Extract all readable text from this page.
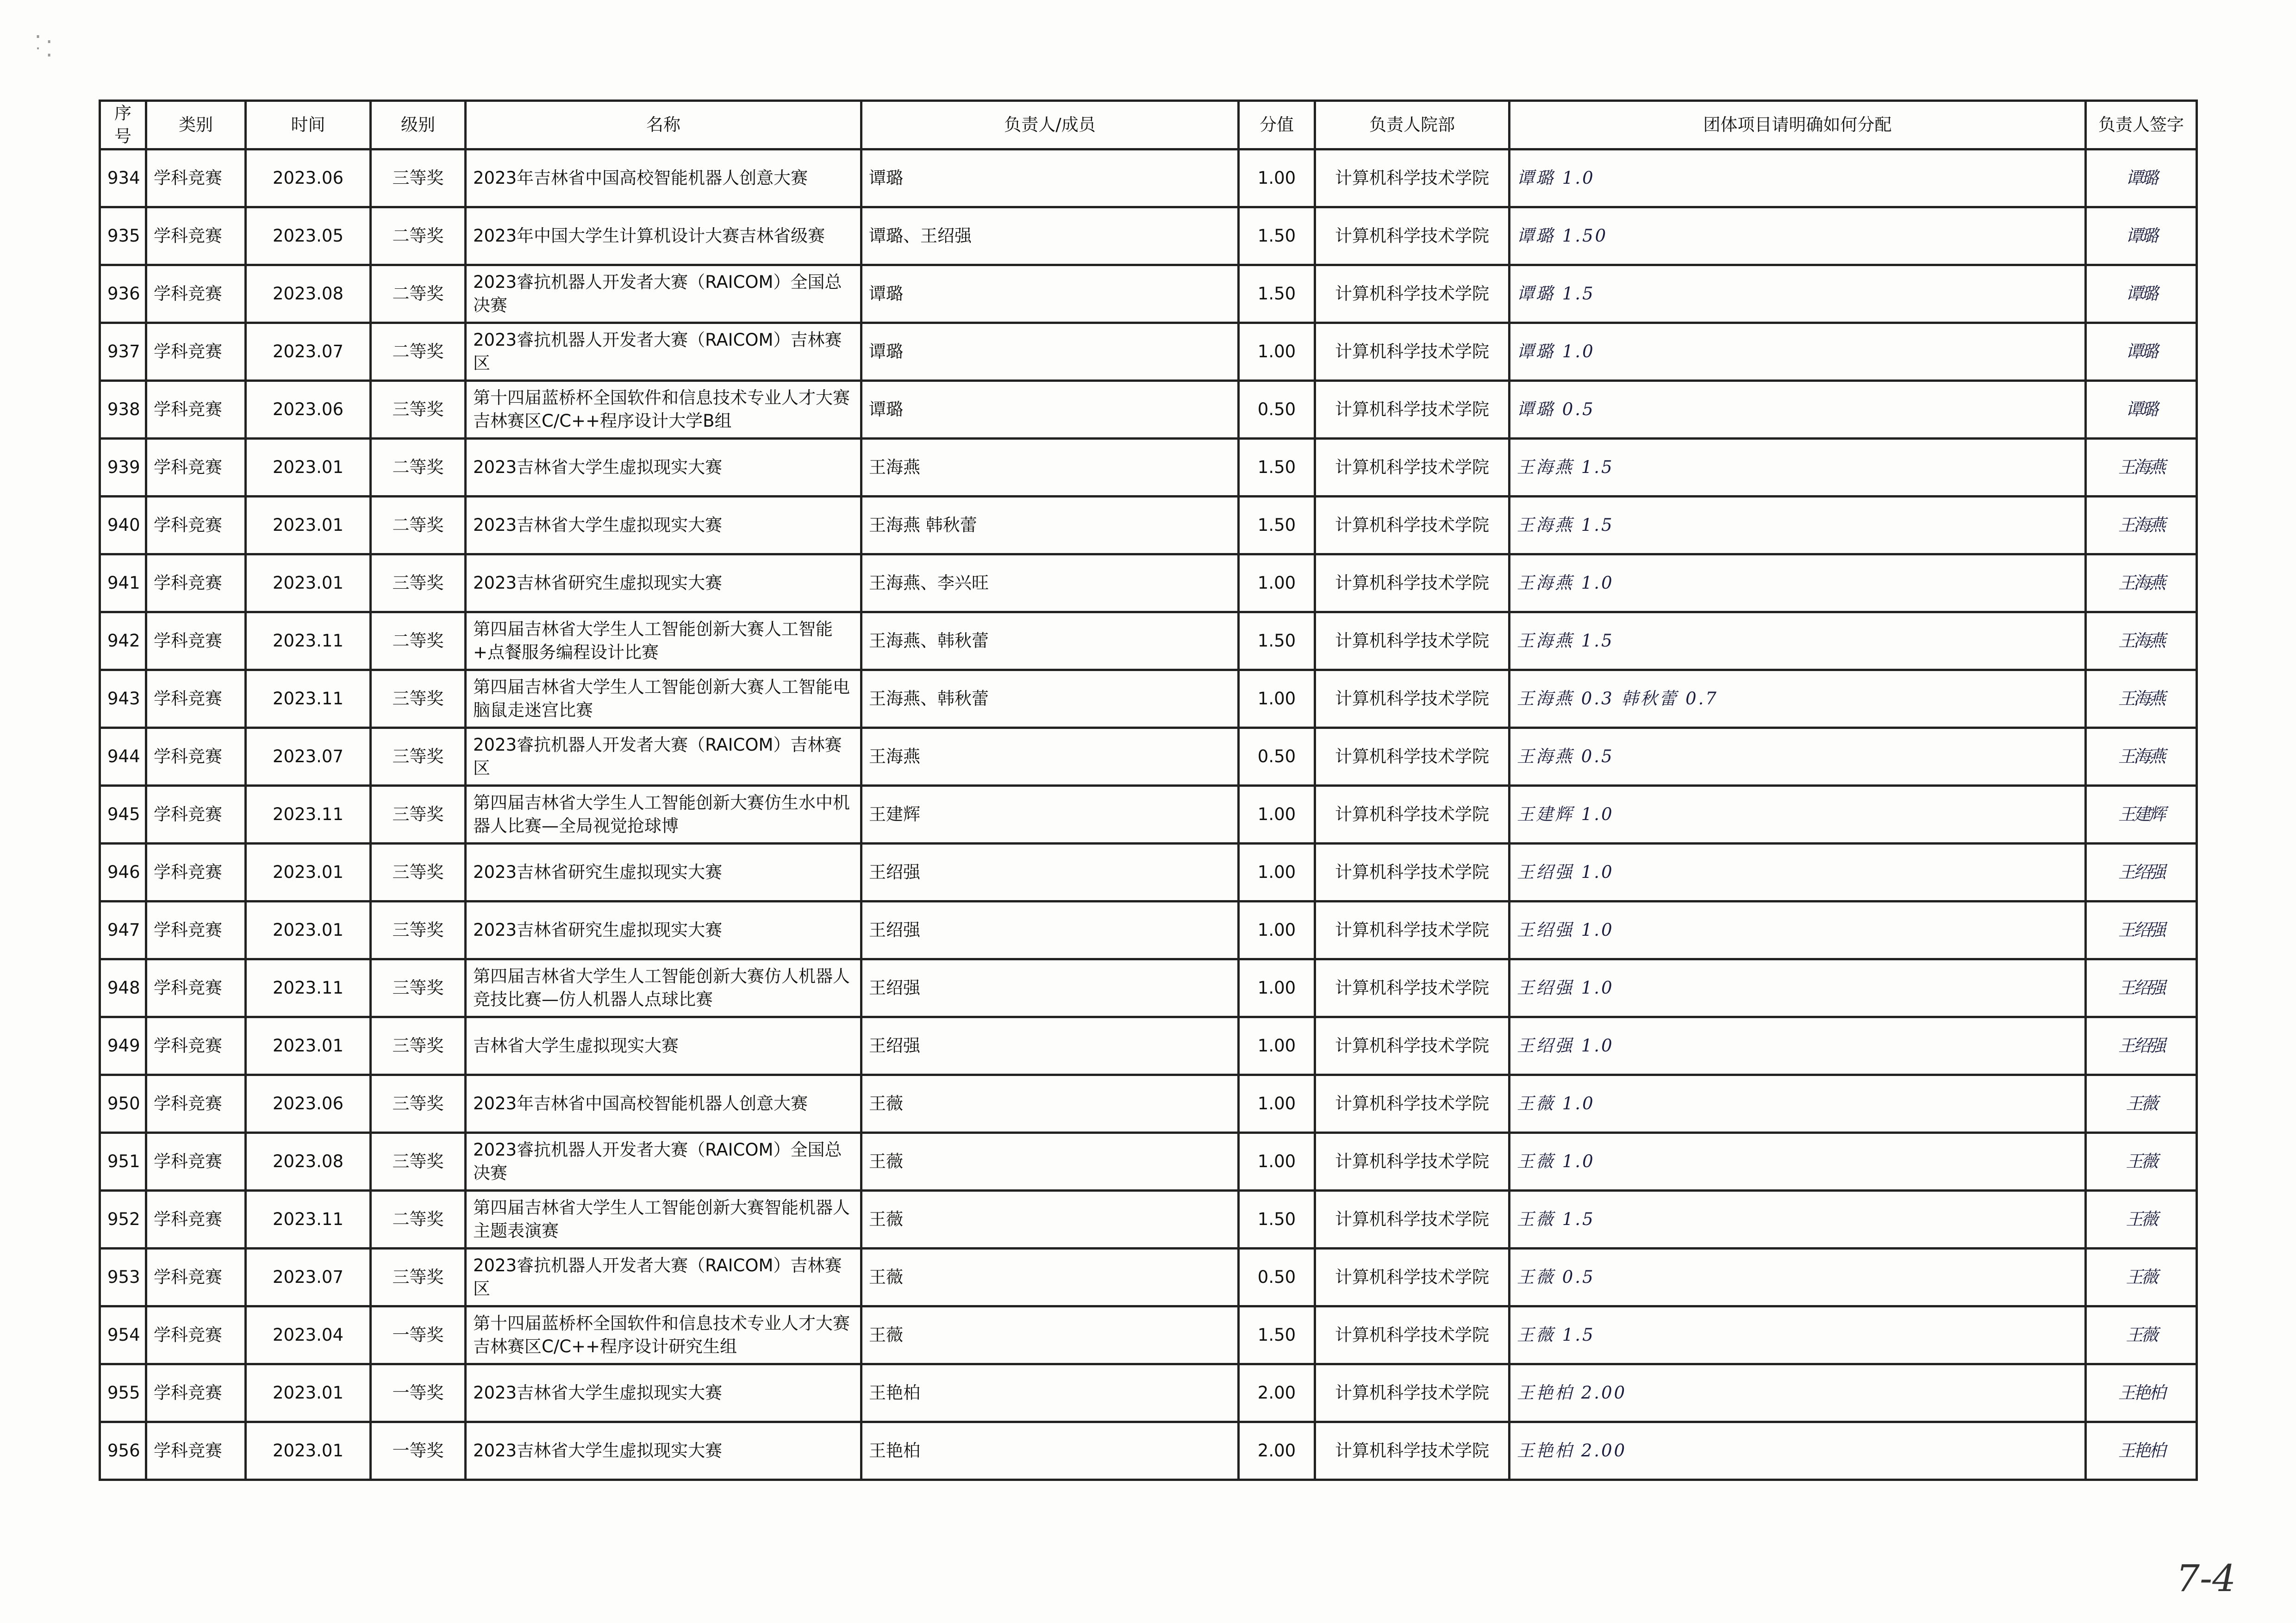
·.
˙·
序号	类别	时间	级别	名称	负责人/成员	分值	负责人院部	团体项目请明确如何分配	负责人签字
934	学科竞赛	2023.06	三等奖	2023年吉林省中国高校智能机器人创意大赛	谭璐	1.00	计算机科学技术学院	谭璐 1.0	谭璐
935	学科竞赛	2023.05	二等奖	2023年中国大学生计算机设计大赛吉林省级赛	谭璐、王绍强	1.50	计算机科学技术学院	谭璐 1.50	谭璐
936	学科竞赛	2023.08	二等奖	2023睿抗机器人开发者大赛（RAICOM）全国总决赛	谭璐	1.50	计算机科学技术学院	谭璐 1.5	谭璐
937	学科竞赛	2023.07	二等奖	2023睿抗机器人开发者大赛（RAICOM）吉林赛区	谭璐	1.00	计算机科学技术学院	谭璐 1.0	谭璐
938	学科竞赛	2023.06	三等奖	第十四届蓝桥杯全国软件和信息技术专业人才大赛吉林赛区C/C++程序设计大学B组	谭璐	0.50	计算机科学技术学院	谭璐 0.5	谭璐
939	学科竞赛	2023.01	二等奖	2023吉林省大学生虚拟现实大赛	王海燕	1.50	计算机科学技术学院	王海燕 1.5	王海燕
940	学科竞赛	2023.01	二等奖	2023吉林省大学生虚拟现实大赛	王海燕 韩秋蕾	1.50	计算机科学技术学院	王海燕 1.5	王海燕
941	学科竞赛	2023.01	三等奖	2023吉林省研究生虚拟现实大赛	王海燕、李兴旺	1.00	计算机科学技术学院	王海燕 1.0	王海燕
942	学科竞赛	2023.11	二等奖	第四届吉林省大学生人工智能创新大赛人工智能+点餐服务编程设计比赛	王海燕、韩秋蕾	1.50	计算机科学技术学院	王海燕 1.5	王海燕
943	学科竞赛	2023.11	三等奖	第四届吉林省大学生人工智能创新大赛人工智能电脑鼠走迷宫比赛	王海燕、韩秋蕾	1.00	计算机科学技术学院	王海燕 0.3 韩秋蕾 0.7	王海燕
944	学科竞赛	2023.07	三等奖	2023睿抗机器人开发者大赛（RAICOM）吉林赛区	王海燕	0.50	计算机科学技术学院	王海燕 0.5	王海燕
945	学科竞赛	2023.11	三等奖	第四届吉林省大学生人工智能创新大赛仿生水中机器人比赛—全局视觉抢球博	王建辉	1.00	计算机科学技术学院	王建辉 1.0	王建辉
946	学科竞赛	2023.01	三等奖	2023吉林省研究生虚拟现实大赛	王绍强	1.00	计算机科学技术学院	王绍强 1.0	王绍强
947	学科竞赛	2023.01	三等奖	2023吉林省研究生虚拟现实大赛	王绍强	1.00	计算机科学技术学院	王绍强 1.0	王绍强
948	学科竞赛	2023.11	三等奖	第四届吉林省大学生人工智能创新大赛仿人机器人竞技比赛—仿人机器人点球比赛	王绍强	1.00	计算机科学技术学院	王绍强 1.0	王绍强
949	学科竞赛	2023.01	三等奖	吉林省大学生虚拟现实大赛	王绍强	1.00	计算机科学技术学院	王绍强 1.0	王绍强
950	学科竞赛	2023.06	三等奖	2023年吉林省中国高校智能机器人创意大赛	王薇	1.00	计算机科学技术学院	王薇 1.0	王薇
951	学科竞赛	2023.08	三等奖	2023睿抗机器人开发者大赛（RAICOM）全国总决赛	王薇	1.00	计算机科学技术学院	王薇 1.0	王薇
952	学科竞赛	2023.11	二等奖	第四届吉林省大学生人工智能创新大赛智能机器人主题表演赛	王薇	1.50	计算机科学技术学院	王薇 1.5	王薇
953	学科竞赛	2023.07	三等奖	2023睿抗机器人开发者大赛（RAICOM）吉林赛区	王薇	0.50	计算机科学技术学院	王薇 0.5	王薇
954	学科竞赛	2023.04	一等奖	第十四届蓝桥杯全国软件和信息技术专业人才大赛吉林赛区C/C++程序设计研究生组	王薇	1.50	计算机科学技术学院	王薇 1.5	王薇
955	学科竞赛	2023.01	一等奖	2023吉林省大学生虚拟现实大赛	王艳柏	2.00	计算机科学技术学院	王艳柏 2.00	王艳柏
956	学科竞赛	2023.01	一等奖	2023吉林省大学生虚拟现实大赛	王艳柏	2.00	计算机科学技术学院	王艳柏 2.00	王艳柏
7-4
